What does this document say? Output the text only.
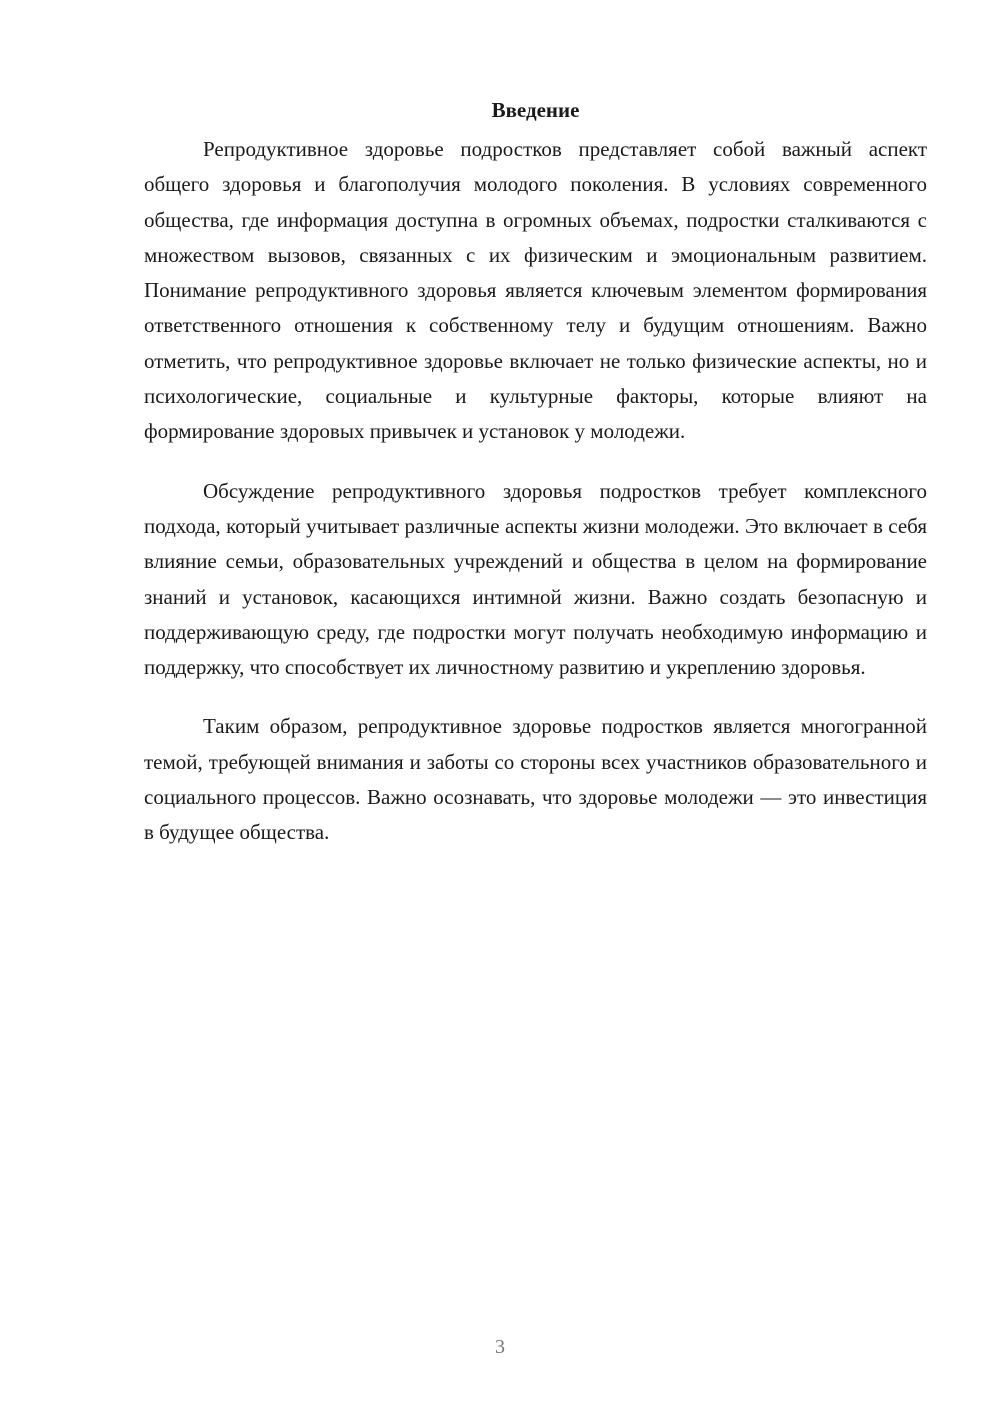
Введение

Репродуктивное здоровье подростков представляет собой важный аспект общего здоровья и благополучия молодого поколения. В условиях современного общества, где информация доступна в огромных объемах, подростки сталкиваются с множеством вызовов, связанных с их физическим и эмоциональным развитием. Понимание репродуктивного здоровья является ключевым элементом формирования ответственного отношения к собственному телу и будущим отношениям. Важно отметить, что репродуктивное здоровье включает не только физические аспекты, но и психологические, социальные и культурные факторы, которые влияют на формирование здоровых привычек и установок у молодежи.

Обсуждение репродуктивного здоровья подростков требует комплексного подхода, который учитывает различные аспекты жизни молодежи. Это включает в себя влияние семьи, образовательных учреждений и общества в целом на формирование знаний и установок, касающихся интимной жизни. Важно создать безопасную и поддерживающую среду, где подростки могут получать необходимую информацию и поддержку, что способствует их личностному развитию и укреплению здоровья.

Таким образом, репродуктивное здоровье подростков является многогранной темой, требующей внимания и заботы со стороны всех участников образовательного и социального процессов. Важно осознавать, что здоровье молодежи — это инвестиция в будущее общества.

3
